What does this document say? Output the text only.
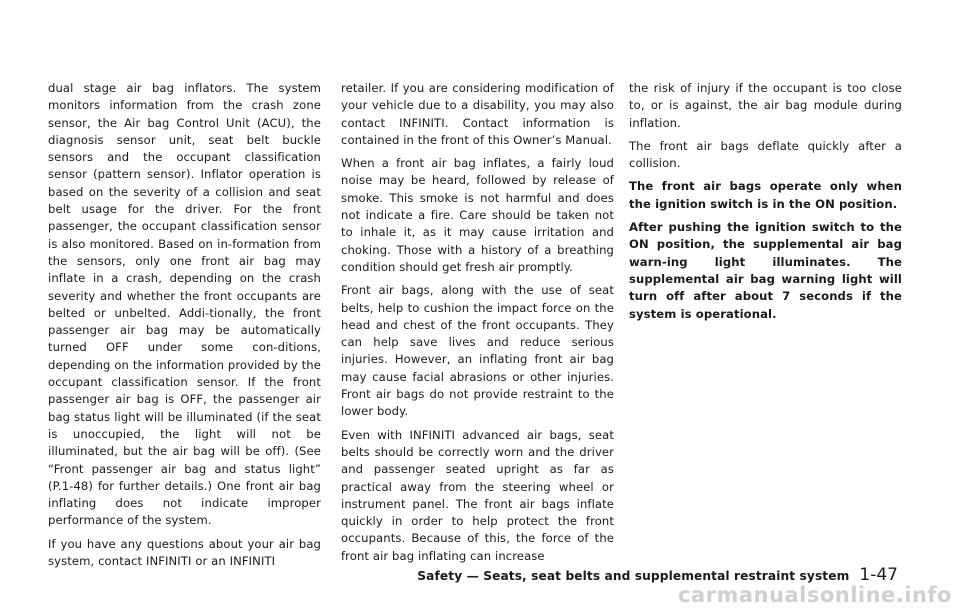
dual stage air bag inflators. The system monitors information from the crash zone sensor, the Air bag Control Unit (ACU), the diagnosis sensor unit, seat belt buckle sensors and the occupant classification sensor (pattern sensor). Inflator operation is based on the severity of a collision and seat belt usage for the driver. For the front passenger, the occupant classification sensor is also monitored. Based on in-formation from the sensors, only one front air bag may inflate in a crash, depending on the crash severity and whether the front occupants are belted or unbelted. Addi-tionally, the front passenger air bag may be automatically turned OFF under some con-ditions, depending on the information provided by the occupant classification sensor. If the front passenger air bag is OFF, the passenger air bag status light will be illuminated (if the seat is unoccupied, the light will not be illuminated, but the air bag will be off). (See “Front passenger air bag and status light” (P.1-48) for further details.) One front air bag inflating does not indicate improper performance of the system.

If you have any questions about your air bag system, contact INFINITI or an INFINITI

retailer. If you are considering modification of your vehicle due to a disability, you may also contact INFINITI. Contact information is contained in the front of this Owner’s Manual.

When a front air bag inflates, a fairly loud noise may be heard, followed by release of smoke. This smoke is not harmful and does not indicate a fire. Care should be taken not to inhale it, as it may cause irritation and choking. Those with a history of a breathing condition should get fresh air promptly.

Front air bags, along with the use of seat belts, help to cushion the impact force on the head and chest of the front occupants. They can help save lives and reduce serious injuries. However, an inflating front air bag may cause facial abrasions or other injuries. Front air bags do not provide restraint to the lower body.

Even with INFINITI advanced air bags, seat belts should be correctly worn and the driver and passenger seated upright as far as practical away from the steering wheel or instrument panel. The front air bags inflate quickly in order to help protect the front occupants. Because of this, the force of the front air bag inflating can increase

the risk of injury if the occupant is too close to, or is against, the air bag module during inflation.

The front air bags deflate quickly after a collision.

The front air bags operate only when the ignition switch is in the ON position.

After pushing the ignition switch to the ON position, the supplemental air bag warn-ing light illuminates. The supplemental air bag warning light will turn off after about 7 seconds if the system is operational.

Safety — Seats, seat belts and supplemental restraint system 1-47
carmanualsonline.info
